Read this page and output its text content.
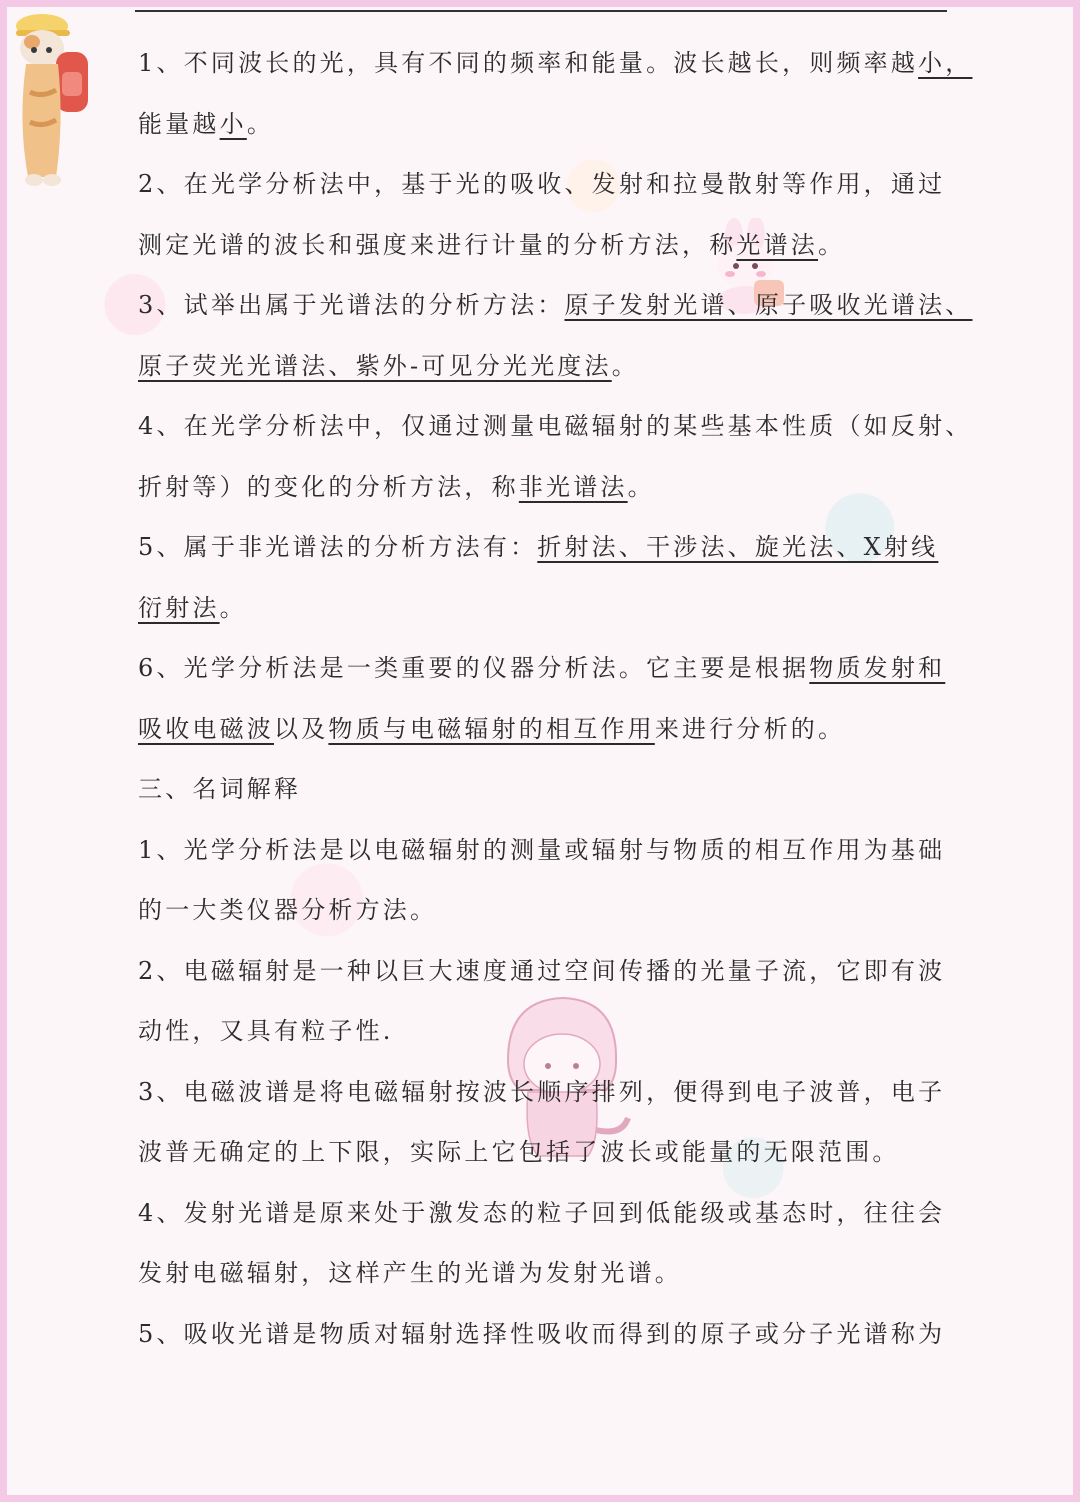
1、不同波长的光，具有不同的频率和能量。波长越长，则频率越小，
能量越小。
2、在光学分析法中，基于光的吸收、发射和拉曼散射等作用，通过
测定光谱的波长和强度来进行计量的分析方法，称光谱法。
3、试举出属于光谱法的分析方法：原子发射光谱、原子吸收光谱法、
原子荧光光谱法、紫外-可见分光光度法。
4、在光学分析法中，仅通过测量电磁辐射的某些基本性质（如反射、
折射等）的变化的分析方法，称非光谱法。
5、属于非光谱法的分析方法有：折射法、干涉法、旋光法、X射线
衍射法。
6、光学分析法是一类重要的仪器分析法。它主要是根据物质发射和
吸收电磁波以及物质与电磁辐射的相互作用来进行分析的。
三、名词解释
1、光学分析法是以电磁辐射的测量或辐射与物质的相互作用为基础
的一大类仪器分析方法。
2、电磁辐射是一种以巨大速度通过空间传播的光量子流，它即有波
动性，又具有粒子性.
3、电磁波谱是将电磁辐射按波长顺序排列，便得到电子波普，电子
波普无确定的上下限，实际上它包括了波长或能量的无限范围。
4、发射光谱是原来处于激发态的粒子回到低能级或基态时，往往会
发射电磁辐射，这样产生的光谱为发射光谱。
5、吸收光谱是物质对辐射选择性吸收而得到的原子或分子光谱称为
